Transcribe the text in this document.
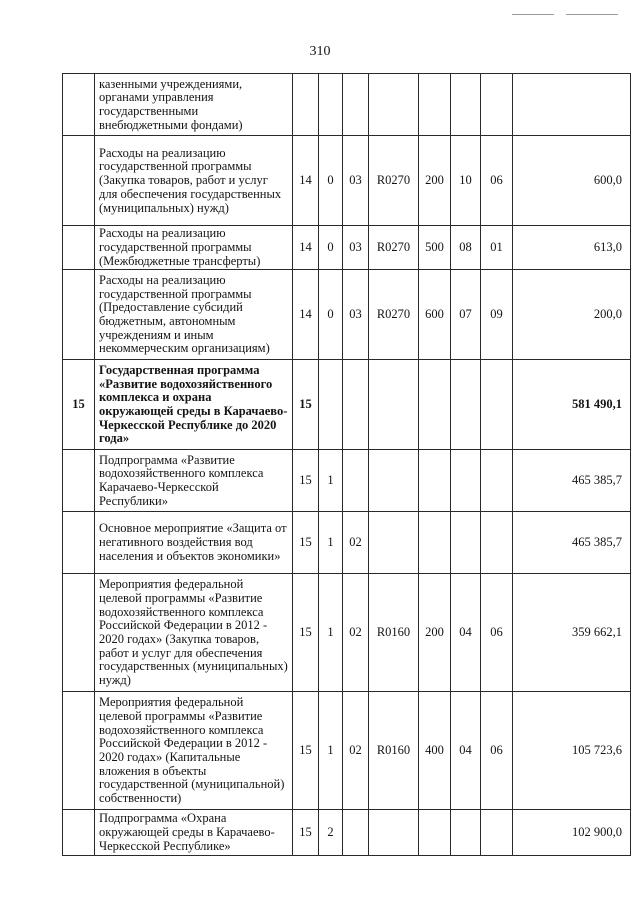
310
	казенными учреждениями, органами управления государственными внебюджетными фондами)								
	Расходы на реализацию государственной программы (Закупка товаров, работ и услуг для обеспечения государственных (муниципальных) нужд)	14	0	03	R0270	200	10	06	600,0
	Расходы на реализацию государственной программы (Межбюджетные трансферты)	14	0	03	R0270	500	08	01	613,0
	Расходы на реализацию государственной программы (Предоставление субсидий бюджетным, автономным учреждениям и иным некоммерческим организациям)	14	0	03	R0270	600	07	09	200,0
15	Государственная программа «Развитие водохозяйственного комплекса и охрана окружающей среды в Карачаево-Черкесской Республике до 2020 года»	15							581 490,1
	Подпрограмма «Развитие водохозяйственного комплекса Карачаево-Черкесской Республики»	15	1						465 385,7
	Основное мероприятие «Защита от негативного воздействия вод населения и объектов экономики»	15	1	02					465 385,7
	Мероприятия федеральной целевой программы «Развитие водохозяйственного комплекса Российской Федерации в 2012 - 2020 годах» (Закупка товаров, работ и услуг для обеспечения государственных (муниципальных) нужд)	15	1	02	R0160	200	04	06	359 662,1
	Мероприятия федеральной целевой программы «Развитие водохозяйственного комплекса Российской Федерации в 2012 - 2020 годах» (Капитальные вложения в объекты государственной (муниципальной) собственности)	15	1	02	R0160	400	04	06	105 723,6
	Подпрограмма «Охрана окружающей среды в Карачаево-Черкесской Республике»	15	2						102 900,0
